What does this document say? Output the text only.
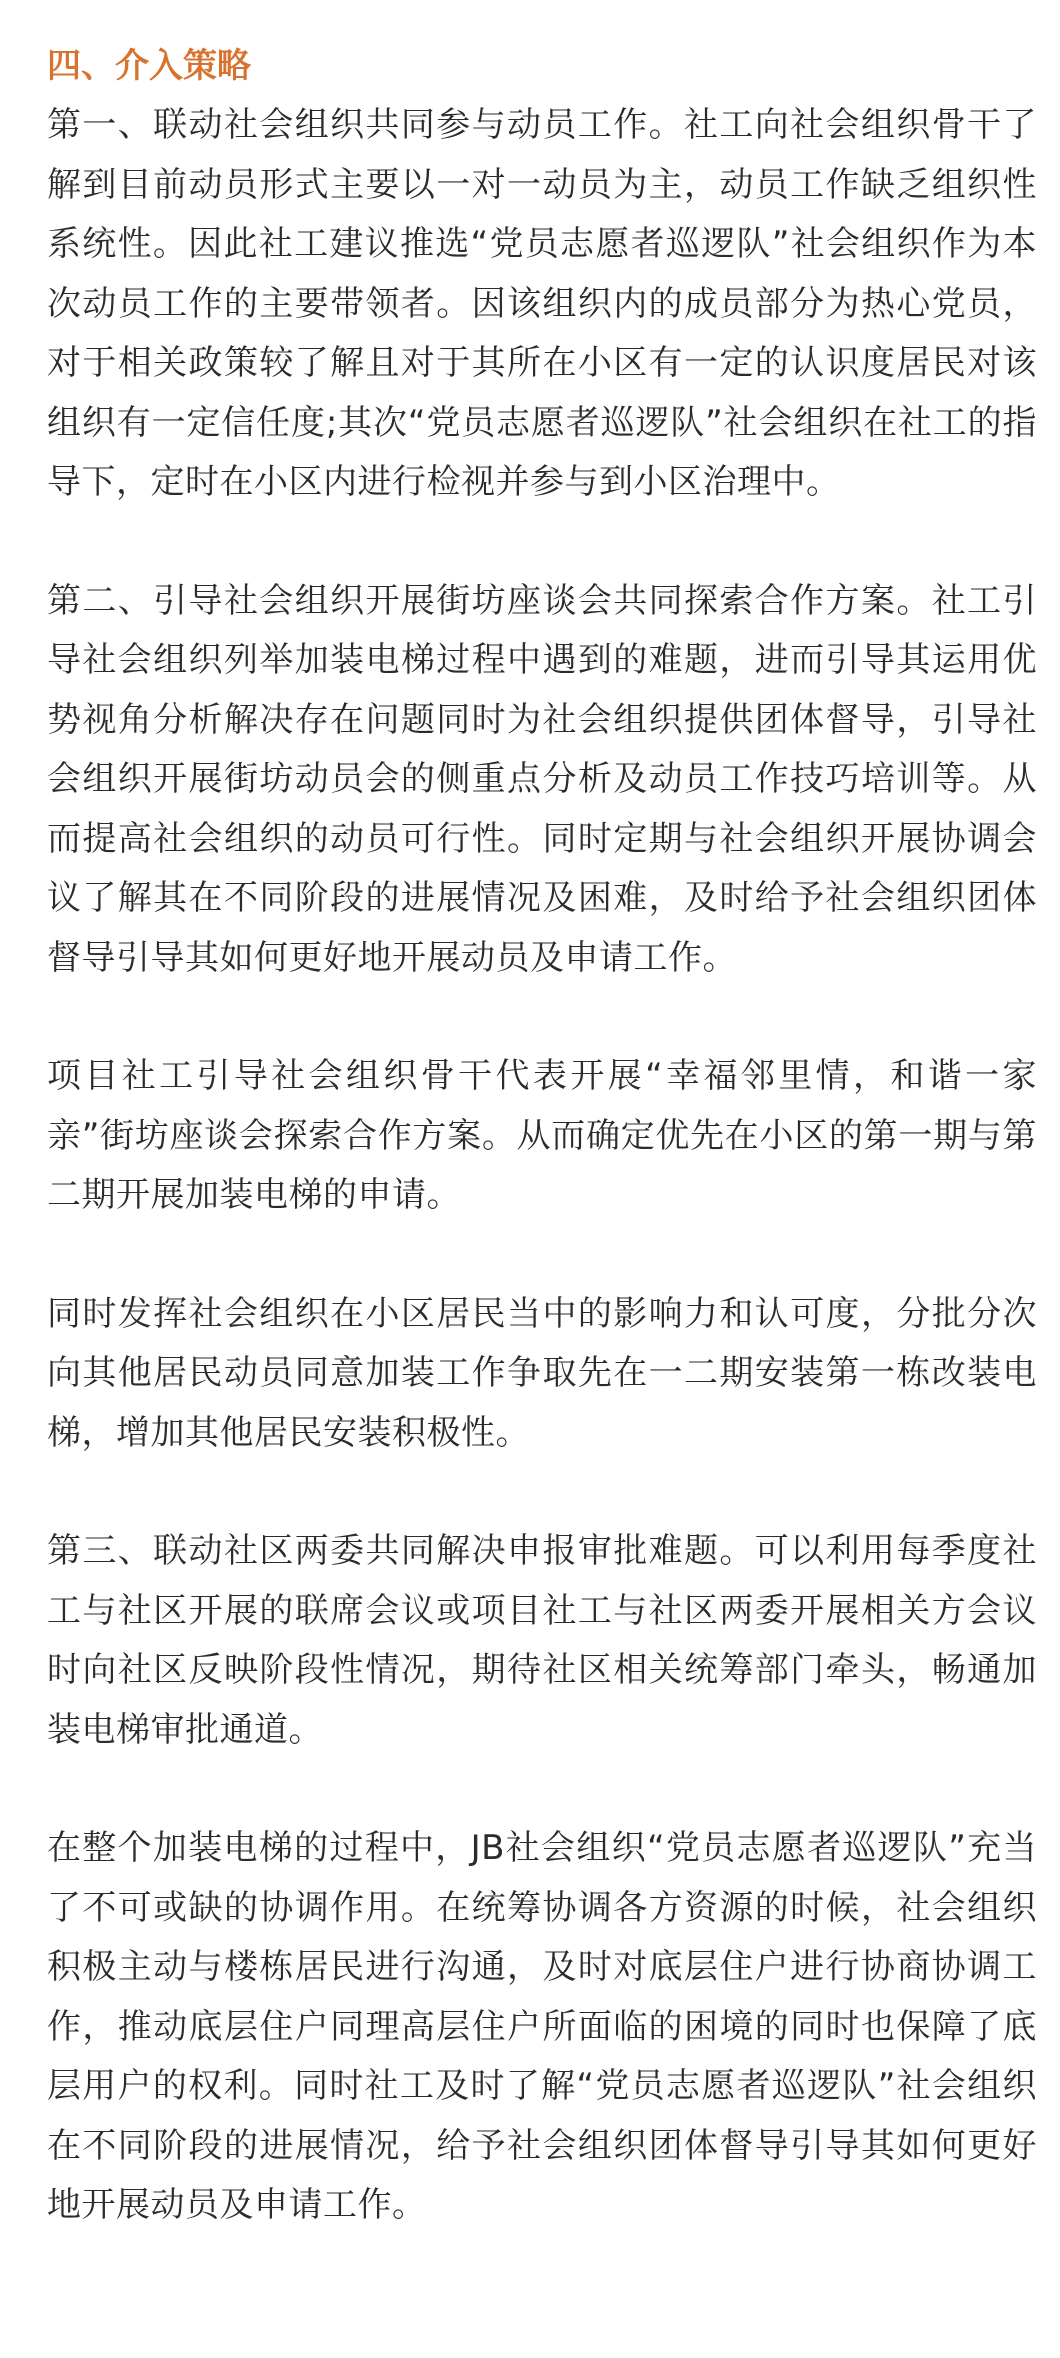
四、介入策略

第一、联动社会组织共同参与动员工作。社工向社会组织骨干了解到目前动员形式主要以一对一动员为主，动员工作缺乏组织性系统性。因此社工建议推选“党员志愿者巡逻队”社会组织作为本次动员工作的主要带领者。因该组织内的成员部分为热心党员，对于相关政策较了解且对于其所在小区有一定的认识度居民对该组织有一定信任度;其次“党员志愿者巡逻队”社会组织在社工的指导下，定时在小区内进行检视并参与到小区治理中。

第二、引导社会组织开展街坊座谈会共同探索合作方案。社工引导社会组织列举加装电梯过程中遇到的难题，进而引导其运用优势视角分析解决存在问题同时为社会组织提供团体督导，引导社会组织开展街坊动员会的侧重点分析及动员工作技巧培训等。从而提高社会组织的动员可行性。同时定期与社会组织开展协调会议了解其在不同阶段的进展情况及困难，及时给予社会组织团体督导引导其如何更好地开展动员及申请工作。

项目社工引导社会组织骨干代表开展“幸福邻里情，和谐一家亲”街坊座谈会探索合作方案。从而确定优先在小区的第一期与第二期开展加装电梯的申请。

同时发挥社会组织在小区居民当中的影响力和认可度，分批分次向其他居民动员同意加装工作争取先在一二期安装第一栋改装电梯，增加其他居民安装积极性。

第三、联动社区两委共同解决申报审批难题。可以利用每季度社工与社区开展的联席会议或项目社工与社区两委开展相关方会议时向社区反映阶段性情况，期待社区相关统筹部门牵头，畅通加装电梯审批通道。

在整个加装电梯的过程中，JB社会组织“党员志愿者巡逻队”充当了不可或缺的协调作用。在统筹协调各方资源的时候，社会组织积极主动与楼栋居民进行沟通，及时对底层住户进行协商协调工作，推动底层住户同理高层住户所面临的困境的同时也保障了底层用户的权利。同时社工及时了解“党员志愿者巡逻队”社会组织在不同阶段的进展情况，给予社会组织团体督导引导其如何更好地开展动员及申请工作。
